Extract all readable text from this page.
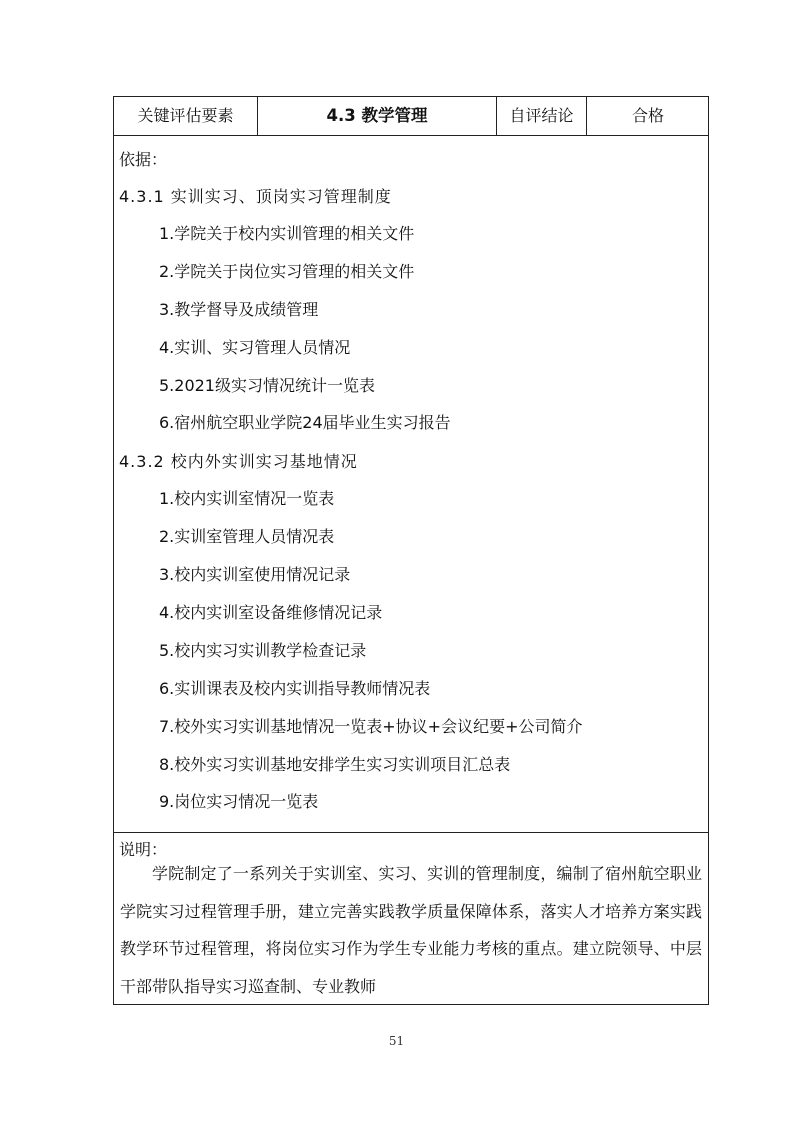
关键评估要素	4.3 教学管理	自评结论	合格
依据：
4.3.1 实训实习、顶岗实习管理制度
1.学院关于校内实训管理的相关文件
2.学院关于岗位实习管理的相关文件
3.教学督导及成绩管理
4.实训、实习管理人员情况
5.2021级实习情况统计一览表
6.宿州航空职业学院24届毕业生实习报告
4.3.2 校内外实训实习基地情况
1.校内实训室情况一览表
2.实训室管理人员情况表
3.校内实训室使用情况记录
4.校内实训室设备维修情况记录
5.校内实习实训教学检查记录
6.实训课表及校内实训指导教师情况表
7.校外实习实训基地情况一览表+协议+会议纪要+公司简介
8.校外实习实训基地安排学生实习实训项目汇总表
9.岗位实习情况一览表
说明：
学院制定了一系列关于实训室、实习、实训的管理制度，编制了宿州航空职业学院实习过程管理手册，建立完善实践教学质量保障体系，落实人才培养方案实践教学环节过程管理，将岗位实习作为学生专业能力考核的重点。建立院领导、中层干部带队指导实习巡查制、专业教师
51
